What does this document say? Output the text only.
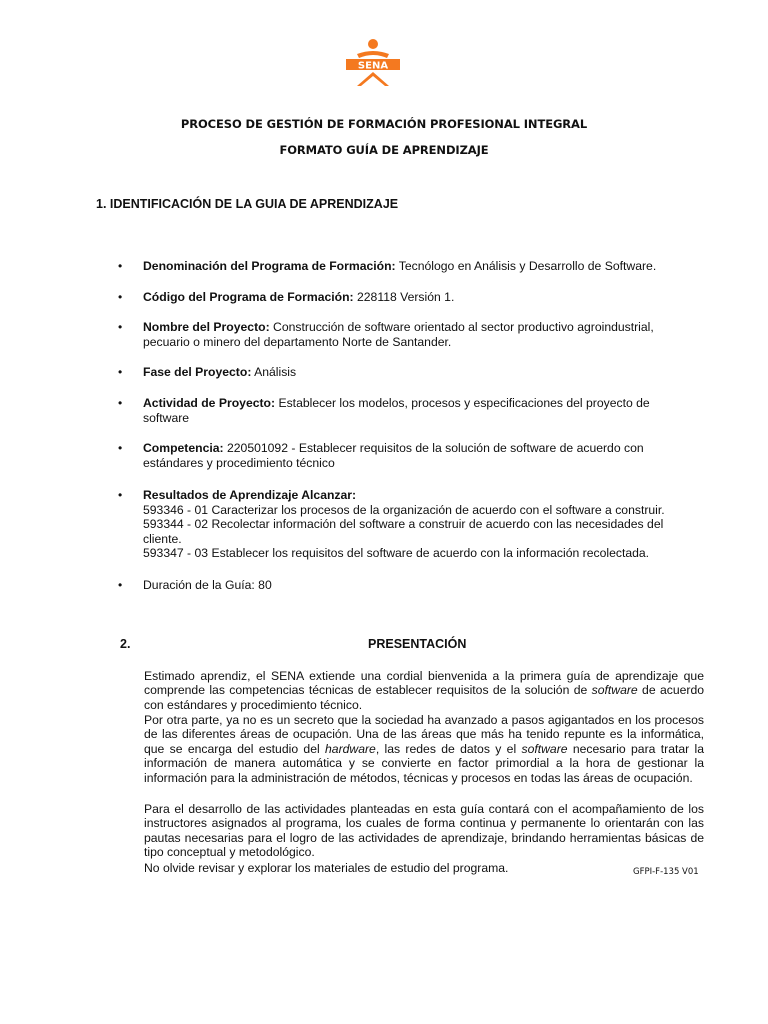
SENA
PROCESO DE GESTIÓN DE FORMACIÓN PROFESIONAL INTEGRAL
FORMATO GUÍA DE APRENDIZAJE
1. IDENTIFICACIÓN DE LA GUIA DE APRENDIZAJE
• Denominación del Programa de Formación: Tecnólogo en Análisis y Desarrollo de Software.
• Código del Programa de Formación: 228118 Versión 1.
• Nombre del Proyecto: Construcción de software orientado al sector productivo agroindustrial, pecuario o minero del departamento Norte de Santander.
• Fase del Proyecto: Análisis
• Actividad de Proyecto: Establecer los modelos, procesos y especificaciones del proyecto de software
• Competencia: 220501092 - Establecer requisitos de la solución de software de acuerdo con estándares y procedimiento técnico
• Resultados de Aprendizaje Alcanzar:
593346 - 01 Caracterizar los procesos de la organización de acuerdo con el software a construir.
593344 - 02 Recolectar información del software a construir de acuerdo con las necesidades del cliente.
593347 - 03 Establecer los requisitos del software de acuerdo con la información recolectada.
• Duración de la Guía: 80
2.	PRESENTACIÓN

Estimado aprendiz, el SENA extiende una cordial bienvenida a la primera guía de aprendizaje que comprende las competencias técnicas de establecer requisitos de la solución de software de acuerdo con estándares y procedimiento técnico.

Por otra parte, ya no es un secreto que la sociedad ha avanzado a pasos agigantados en los procesos de las diferentes áreas de ocupación. Una de las áreas que más ha tenido repunte es la informática, que se encarga del estudio del hardware, las redes de datos y el software necesario para tratar la información de manera automática y se convierte en factor primordial a la hora de gestionar la información para la administración de métodos, técnicas y procesos en todas las áreas de ocupación.

Para el desarrollo de las actividades planteadas en esta guía contará con el acompañamiento de los instructores asignados al programa, los cuales de forma continua y permanente lo orientarán con las pautas necesarias para el logro de las actividades de aprendizaje, brindando herramientas básicas de tipo conceptual y metodológico.

No olvide revisar y explorar los materiales de estudio del programa.	GFPI-F-135 V01
